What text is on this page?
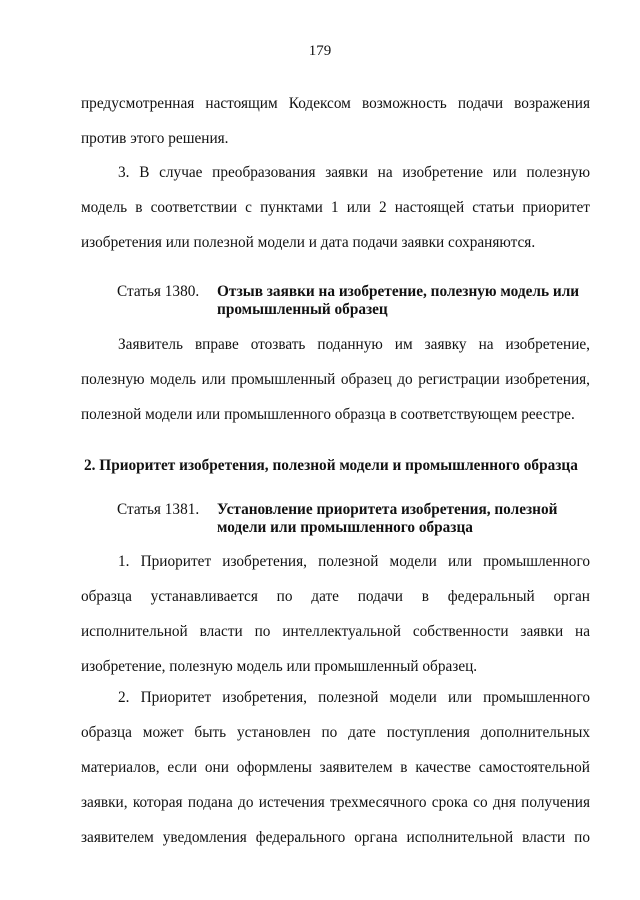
179
предусмотренная настоящим Кодексом возможность подачи возражения
против этого решения.
3. В случае преобразования заявки на изобретение или полезную
модель в соответствии с пунктами 1 или 2 настоящей статьи приоритет
изобретения или полезной модели и дата подачи заявки сохраняются.
Статья 1380. Отзыв заявки на изобретение, полезную модель или
промышленный образец
Заявитель вправе отозвать поданную им заявку на изобретение,
полезную модель или промышленный образец до регистрации изобретения,
полезной модели или промышленного образца в соответствующем реестре.
2. Приоритет изобретения, полезной модели и промышленного образца
Статья 1381. Установление приоритета изобретения, полезной
модели или промышленного образца
1. Приоритет изобретения, полезной модели или промышленного
образца устанавливается по дате подачи в федеральный орган
исполнительной власти по интеллектуальной собственности заявки на
изобретение, полезную модель или промышленный образец.
2. Приоритет изобретения, полезной модели или промышленного
образца может быть установлен по дате поступления дополнительных
материалов, если они оформлены заявителем в качестве самостоятельной
заявки, которая подана до истечения трехмесячного срока со дня получения
заявителем уведомления федерального органа исполнительной власти по
